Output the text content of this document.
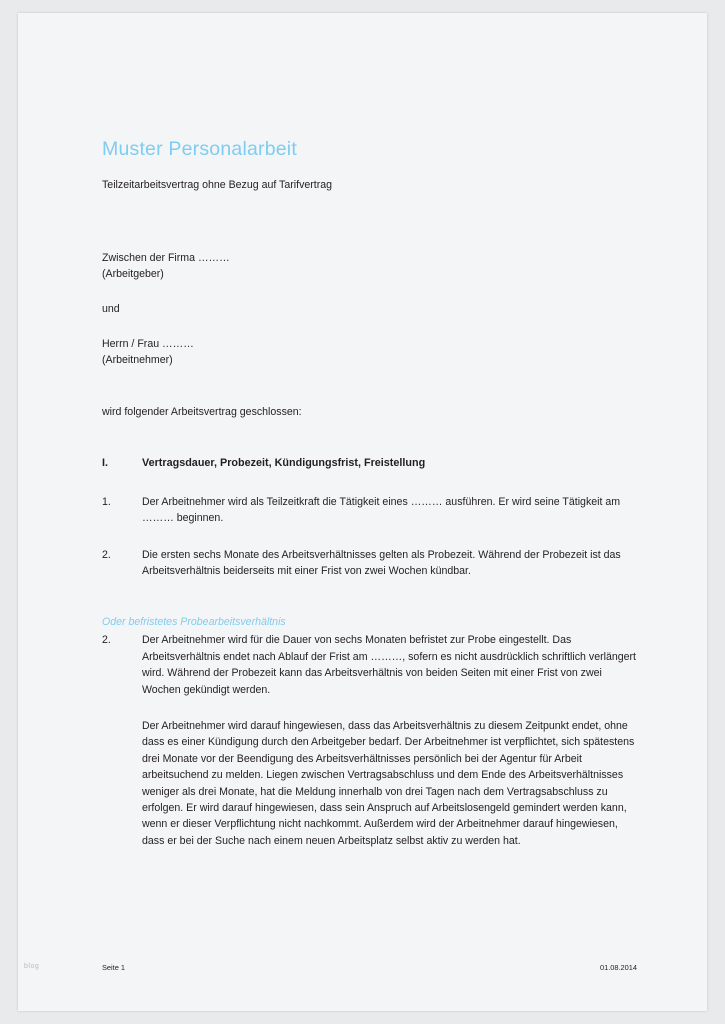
Muster Personalarbeit

Teilzeitarbeitsvertrag ohne Bezug auf Tarifvertrag

Zwischen der Firma ………
(Arbeitgeber)
und
Herrn / Frau ………
(Arbeitnehmer)
wird folgender Arbeitsvertrag geschlossen:
I.	Vertragsdauer, Probezeit, Kündigungsfrist, Freistellung
1.	Der Arbeitnehmer wird als Teilzeitkraft die Tätigkeit eines ……… ausführen. Er wird seine Tätigkeit am ……… beginnen.
2.	Die ersten sechs Monate des Arbeitsverhältnisses gelten als Probezeit. Während der Probezeit ist das Arbeitsverhältnis beiderseits mit einer Frist von zwei Wochen kündbar.
Oder befristetes Probearbeitsverhältnis
2.	Der Arbeitnehmer wird für die Dauer von sechs Monaten befristet zur Probe eingestellt. Das Arbeitsverhältnis endet nach Ablauf der Frist am ………, sofern es nicht ausdrücklich schriftlich verlängert wird. Während der Probezeit kann das Arbeitsverhältnis von beiden Seiten mit einer Frist von zwei Wochen gekündigt werden.
Der Arbeitnehmer wird darauf hingewiesen, dass das Arbeitsverhältnis zu diesem Zeitpunkt endet, ohne dass es einer Kündigung durch den Arbeitgeber bedarf. Der Arbeitnehmer ist verpflichtet, sich spätestens drei Monate vor der Beendigung des Arbeitsverhältnisses persönlich bei der Agentur für Arbeit arbeitsuchend zu melden. Liegen zwischen Vertragsabschluss und dem Ende des Arbeitsverhältnisses weniger als drei Monate, hat die Meldung innerhalb von drei Tagen nach dem Vertragsabschluss zu erfolgen. Er wird darauf hingewiesen, dass sein Anspruch auf Arbeitslosengeld gemindert werden kann, wenn er dieser Verpflichtung nicht nachkommt. Außerdem wird der Arbeitnehmer darauf hingewiesen, dass er bei der Suche nach einem neuen Arbeitsplatz selbst aktiv zu werden hat.
Seite 1	01.08.2014
blog
